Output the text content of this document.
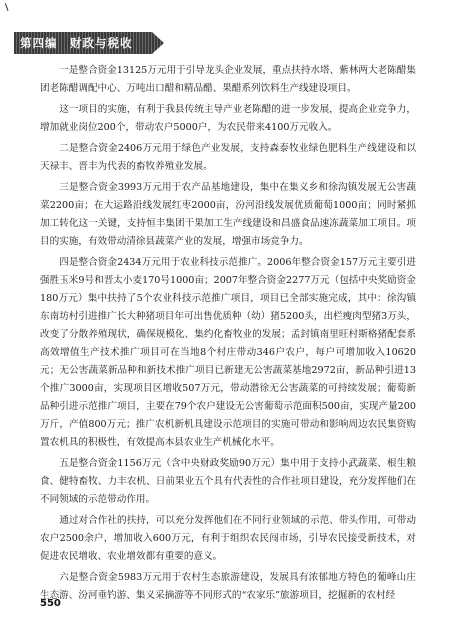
第四编　财政与税收

一是整合资金13125万元用于引导龙头企业发展，重点扶持水塔、紫林两大老陈醋集团老陈醋调配中心、万吨出口醋和精品醋、果醋系列饮料生产线建设项目。

这一项目的实施，有利于我县传统主导产业老陈醋的进一步发展，提高企业竞争力，增加就业岗位200个，带动农户5000户，为农民带来4100万元收入。

二是整合资金2406万元用于绿色产业发展，支持森泰牧业绿色肥料生产线建设和以天禄丰、晋丰为代表的畜牧养殖业发展。

三是整合资金3993万元用于农产品基地建设，集中在集义乡和徐沟镇发展无公害蔬菜2200亩；在大运路沿线发展红枣2000亩，汾河沿线发展优质葡萄1000亩；同时紧抓加工转化这一关键，支持恒丰集团干果加工生产线建设和昌盛食品速冻蔬菜加工项目。项目的实施，有效带动清徐县蔬菜产业的发展，增强市场竞争力。

四是整合资金2434万元用于农业科技示范推广。2006年整合资金157万元主要引进强胜玉米9号和晋太小麦170号1000亩；2007年整合资金2277万元（包括中央奖励资金180万元）集中扶持了5个农业科技示范推广项目，项目已全部实施完成，其中：徐沟镇东南坊村引进推广长大种猪项目年可出售优质种（幼）猪5200头，出栏瘦肉型猪3万头，改变了分散养殖现状，确保规模化、集约化畜牧业的发展；孟封镇南里旺村斯格猪配套系高效增值生产技术推广项目可在当地8个村庄带动346户农户，每户可增加收入10620元；无公害蔬菜新品种和新技术推广项目已新建无公害蔬菜基地2972亩，新品种引进13个推广3000亩，实现项目区增收507万元，带动潜徐无公害蔬菜的可持续发展；葡萄新品种引进示范推广项目，主要在79个农户建设无公害葡萄示范面积500亩，实现产量200万斤，产值800万元；推广农机新机具建设示范项目的实施可带动和影响周边农民集资购置农机具的积极性，有效提高本县农业生产机械化水平。

五是整合资金1156万元（含中央财政奖励90万元）集中用于支持小武蔬菜、根生粮食、健特畜牧、力丰农机、日前果业五个具有代表性的合作社项目建设，充分发挥他们在不同领域的示范带动作用。

通过对合作社的扶持，可以充分发挥他们在不同行业领域的示范、带头作用，可带动农户2500余户，增加收入600万元，有利于组织农民闯市场，引导农民接受新技术，对促进农民增收、农业增效都有重要的意义。

六是整合资金5983万元用于农村生态旅游建设，发展具有浓郁地方特色的葡峰山庄生态游、汾河垂钓游、集义采摘游等不同形式的“农家乐”旅游项目，挖掘新的农村经

550
